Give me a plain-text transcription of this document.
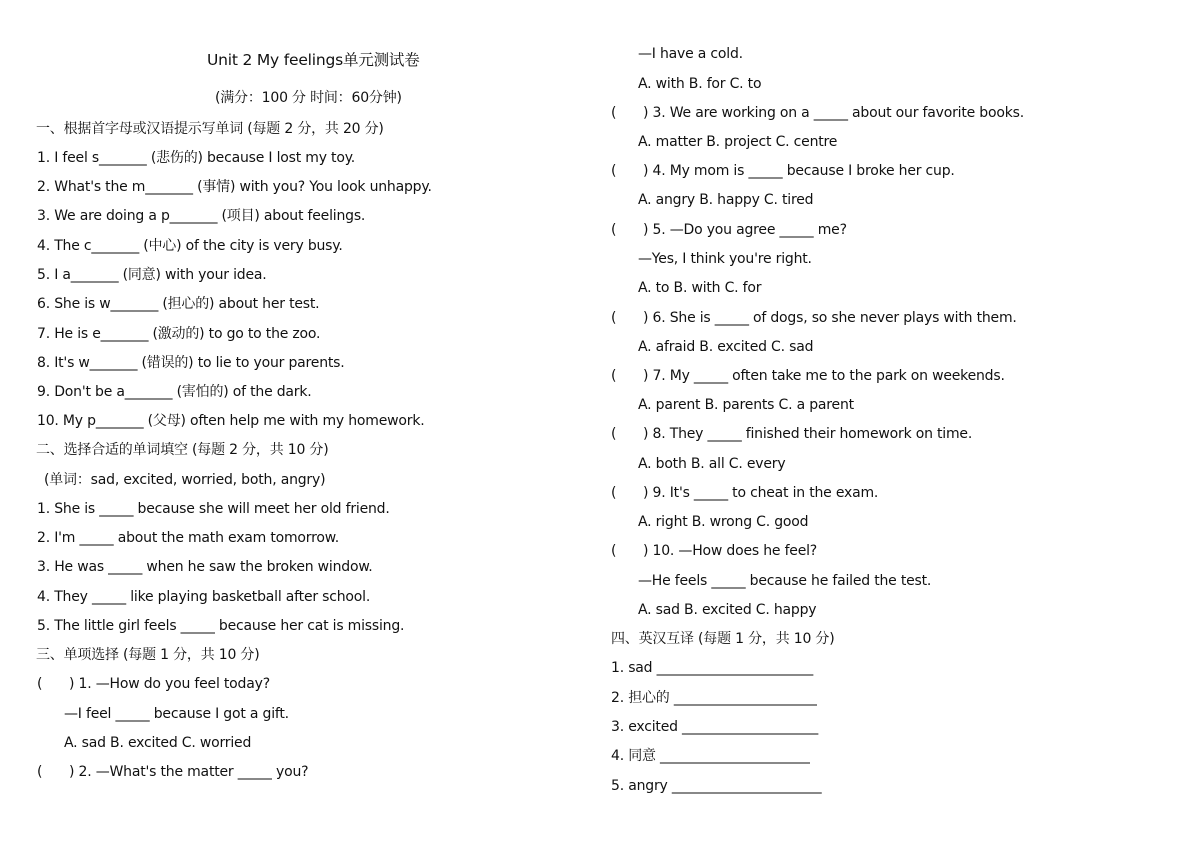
Unit 2 My feelings单元测试卷
(满分：100 分 时间：60分钟)
一、根据首字母或汉语提示写单词 (每题 2 分，共 20 分)
1. I feel s_______ (悲伤的) because I lost my toy.
2. What's the m_______ (事情) with you? You look unhappy.
3. We are doing a p_______ (项目) about feelings.
4. The c_______ (中心) of the city is very busy.
5. I a_______ (同意) with your idea.
6. She is w_______ (担心的) about her test.
7. He is e_______ (激动的) to go to the zoo.
8. It's w_______ (错误的) to lie to your parents.
9. Don't be a_______ (害怕的) of the dark.
10. My p_______ (父母) often help me with my homework.
二、选择合适的单词填空 (每题 2 分，共 10 分)
(单词：sad, excited, worried, both, angry)
1. She is _____ because she will meet her old friend.
2. I'm _____ about the math exam tomorrow.
3. He was _____ when he saw the broken window.
4. They _____ like playing basketball after school.
5. The little girl feels _____ because her cat is missing.
三、单项选择 (每题 1 分，共 10 分)
( ) 1. —How do you feel today?
—I feel _____ because I got a gift.
A. sad B. excited C. worried
( ) 2. —What's the matter _____ you?
—I have a cold.
A. with B. for C. to
( ) 3. We are working on a _____ about our favorite books.
A. matter B. project C. centre
( ) 4. My mom is _____ because I broke her cup.
A. angry B. happy C. tired
( ) 5. —Do you agree _____ me?
—Yes, I think you're right.
A. to B. with C. for
( ) 6. She is _____ of dogs, so she never plays with them.
A. afraid B. excited C. sad
( ) 7. My _____ often take me to the park on weekends.
A. parent B. parents C. a parent
( ) 8. They _____ finished their homework on time.
A. both B. all C. every
( ) 9. It's _____ to cheat in the exam.
A. right B. wrong C. good
( ) 10. —How does he feel?
—He feels _____ because he failed the test.
A. sad B. excited C. happy
四、英汉互译 (每题 1 分，共 10 分)
1. sad _______________________
2. 担心的 _____________________
3. excited ____________________
4. 同意 ______________________
5. angry ______________________
